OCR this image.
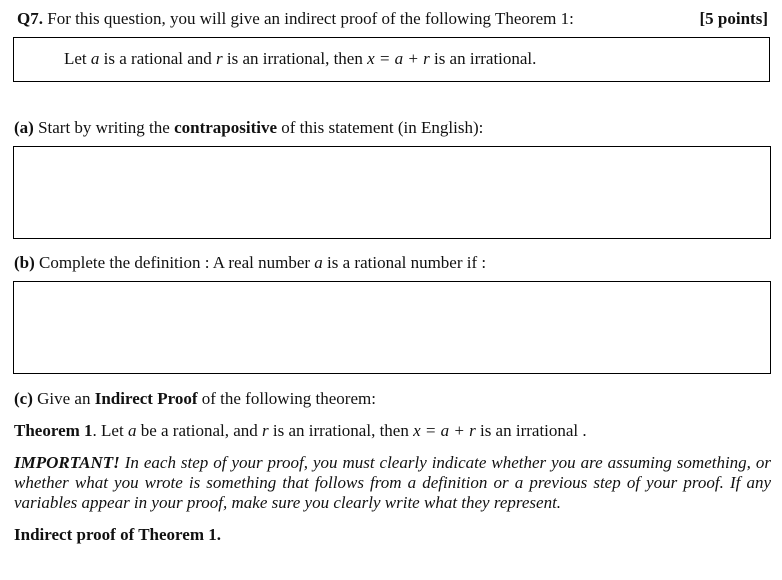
Q7. For this question, you will give an indirect proof of the following Theorem 1:	[5 points]
Let a is a rational and r is an irrational, then x = a + r is an irrational.
(a) Start by writing the contrapositive of this statement (in English):
(b) Complete the definition : A real number a is a rational number if :
(c) Give an Indirect Proof of the following theorem:
Theorem 1. Let a be a rational, and r is an irrational, then x = a + r is an irrational .
IMPORTANT! In each step of your proof, you must clearly indicate whether you are assuming something, or whether what you wrote is something that follows from a definition or a previous step of your proof. If any variables appear in your proof, make sure you clearly write what they represent.
Indirect proof of Theorem 1.
